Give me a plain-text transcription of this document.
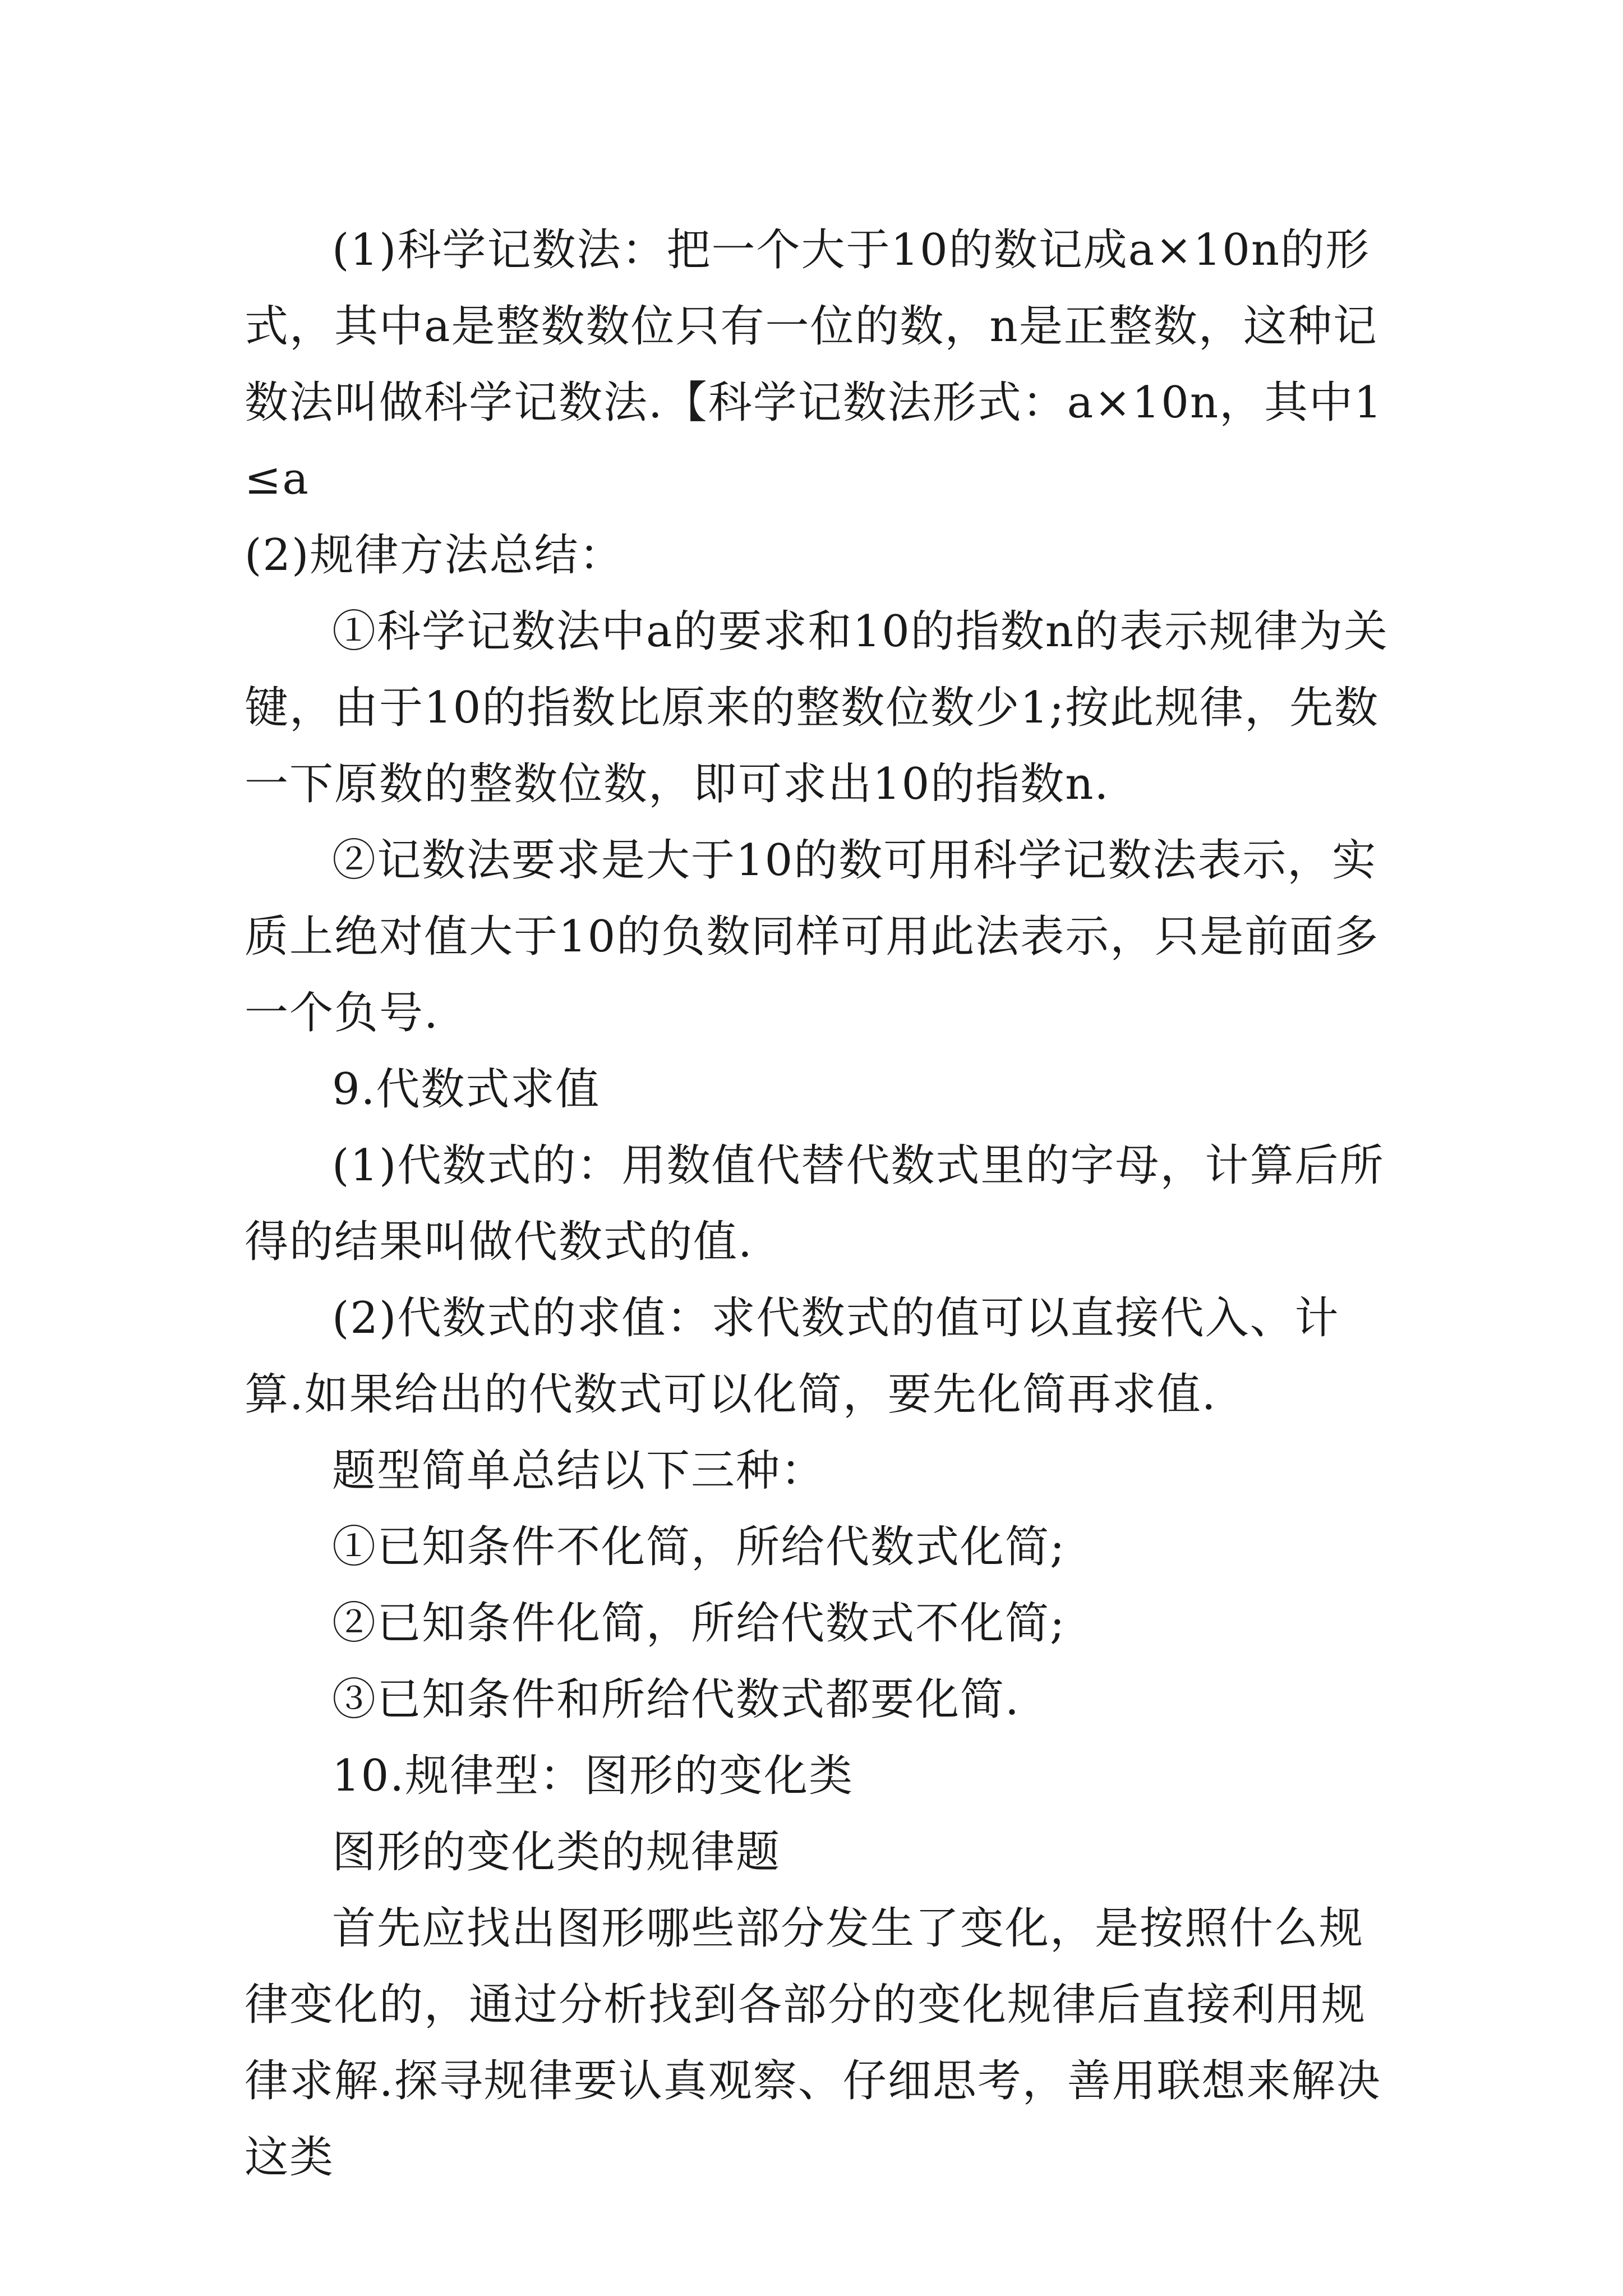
(1)科学记数法：把一个大于10的数记成a×10n的形式，其中a是整数数位只有一位的数，n是正整数，这种记数法叫做科学记数法.【科学记数法形式：a×10n，其中1≤a

(2)规律方法总结：

①科学记数法中a的要求和10的指数n的表示规律为关键，由于10的指数比原来的整数位数少1;按此规律，先数一下原数的整数位数，即可求出10的指数n.

②记数法要求是大于10的数可用科学记数法表示，实质上绝对值大于10的负数同样可用此法表示，只是前面多一个负号.

9.代数式求值

(1)代数式的：用数值代替代数式里的字母，计算后所得的结果叫做代数式的值.

(2)代数式的求值：求代数式的值可以直接代入、计算.如果给出的代数式可以化简，要先化简再求值.

题型简单总结以下三种：

①已知条件不化简，所给代数式化简;

②已知条件化简，所给代数式不化简;

③已知条件和所给代数式都要化简.

10.规律型：图形的变化类

图形的变化类的规律题

首先应找出图形哪些部分发生了变化，是按照什么规律变化的，通过分析找到各部分的变化规律后直接利用规律求解.探寻规律要认真观察、仔细思考，善用联想来解决这类
